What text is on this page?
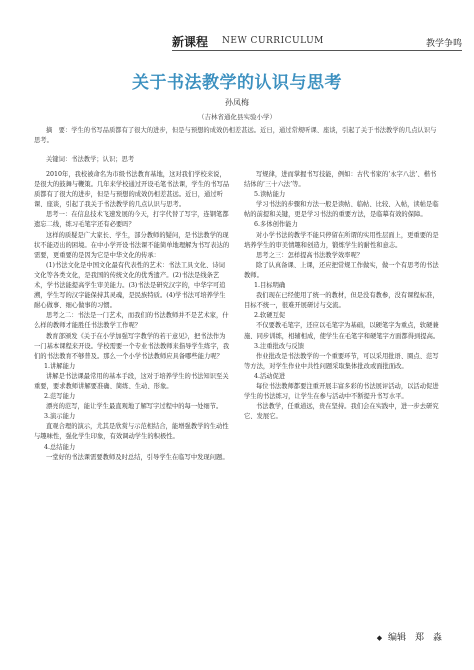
新课程 NEW CURRICULUM	教学争鸣
关于书法教学的认识与思考
孙凤梅
（吉林省通化县实验小学）
摘　要：学生的书写品质都有了很大的进步，但是与预想的成效仍相差甚远。近日，通过常规听课、座谈，引起了关于书法教学的几点认识与思考。
关键词：书法教学；认识；思考

2010年，我校被命名为市级书法教育基地，这对我们学校来说，是很大的鼓舞与鞭策。几年来学校通过开设毛笔书法课，学生的书写品质都有了很大的进步，但是与预想的成效仍相差甚远。近日，通过听课、座谈，引起了我关于书法教学的几点认识与思考。

思考一：在信息技术飞速发展的今天，打字代替了写字，连钢笔都遗忘二线，练习毛笔字还有必要吗？

这样的质疑是广大家长、学生，部分教师的疑问，是书法教学的现状不能迈出的困境。在中小学开设书法课不能简单地理解为书写表达的需要，更重要的是因为它是中华文化的传承：

(1)书法文化是中国文化最有代表性的艺术：书法工具文化、诗词文化等各类文化，是我国的传统文化的优秀遗产。(2)书法是线条艺术，学书法能提高学生审美能力。(3)书法是研究汉字的，中华字可追溯，学生写的汉字能保持其灵魂，是民族特质。(4)学书法可培养学生耐心做事、细心做事的习惯。

思考之二：书法是一门艺术，而我们的书法教师并不是艺术家，什么样的教师才能胜任书法教学工作呢？

教育部颁发《关于在小学加强写字教学的若干意见》，把书法作为一门基本课程来开设。学校需要一个专业书法教师来指导学生练字，我们的书法教育不够普及。那么一个小学书法教师应具备哪些能力呢？

1.讲解能力

讲解是书法课最常用的基本手段，这对于培养学生的书法知识至关重要，要求教师讲解要准确、简练、生动、形象。

2.范写能力

漂亮的范写，能让学生最直观地了解写字过程中的每一处细节。

3.演示能力

直观合理的演示，尤其是欣赏与示范相结合，能增强教学的生动性与趣味性，强化学生印象，有效调动学生的积极性。

4.总结能力

一堂好的书法课需要教师及时总结，引导学生在临写中发现问题。

写规律，进而掌握书写技能，例如：古代书家的‘永字八法’、楷书结体的‘三十六法’等。

5.读帖能力

学习书法的步骤和方法一般是读帖、临帖、比较、入帖，读帖是临帖的前提和关键，更是学习书法的重要方法，是临摹有效的保障。

6.多体创作能力

对小学书法的教学不能只停留在所谓的实用性层面上，更重要的是培养学生的审美情趣和创造力，锻炼学生的耐性和意志。

思考之三：怎样提高书法教学效率呢？

除了认真备课、上课，还应把常规工作做实，做一个有思考的书法教师。

1.目标明确

我们现在已经使用了统一的教材，但是没有教参，没有课程标准，目标不统一，很难开展研讨与交流。

2.软硬互促

不仅要教毛笔字，还应以毛笔字为基础，以硬笔字为重点，软硬兼施、同步训练，相辅相成，使学生在毛笔字和硬笔字方面都得到提高。

3.注重批改与反馈

作业批改是书法教学的一个重要环节，可以采用批语、圈点、范写等方法，对学生作业中共性问题采取集体批改或面批面改。

4.活动促进

每位书法教师都要注重开展丰富多彩的书法展评活动，以活动促进学生的书法练习，让学生在参与活动中不断提升书写水平。

书法教学，任重道远，贵在坚持。我们会在实践中，进一步去研究它、发展它。

◆ 编辑　郑　淼
